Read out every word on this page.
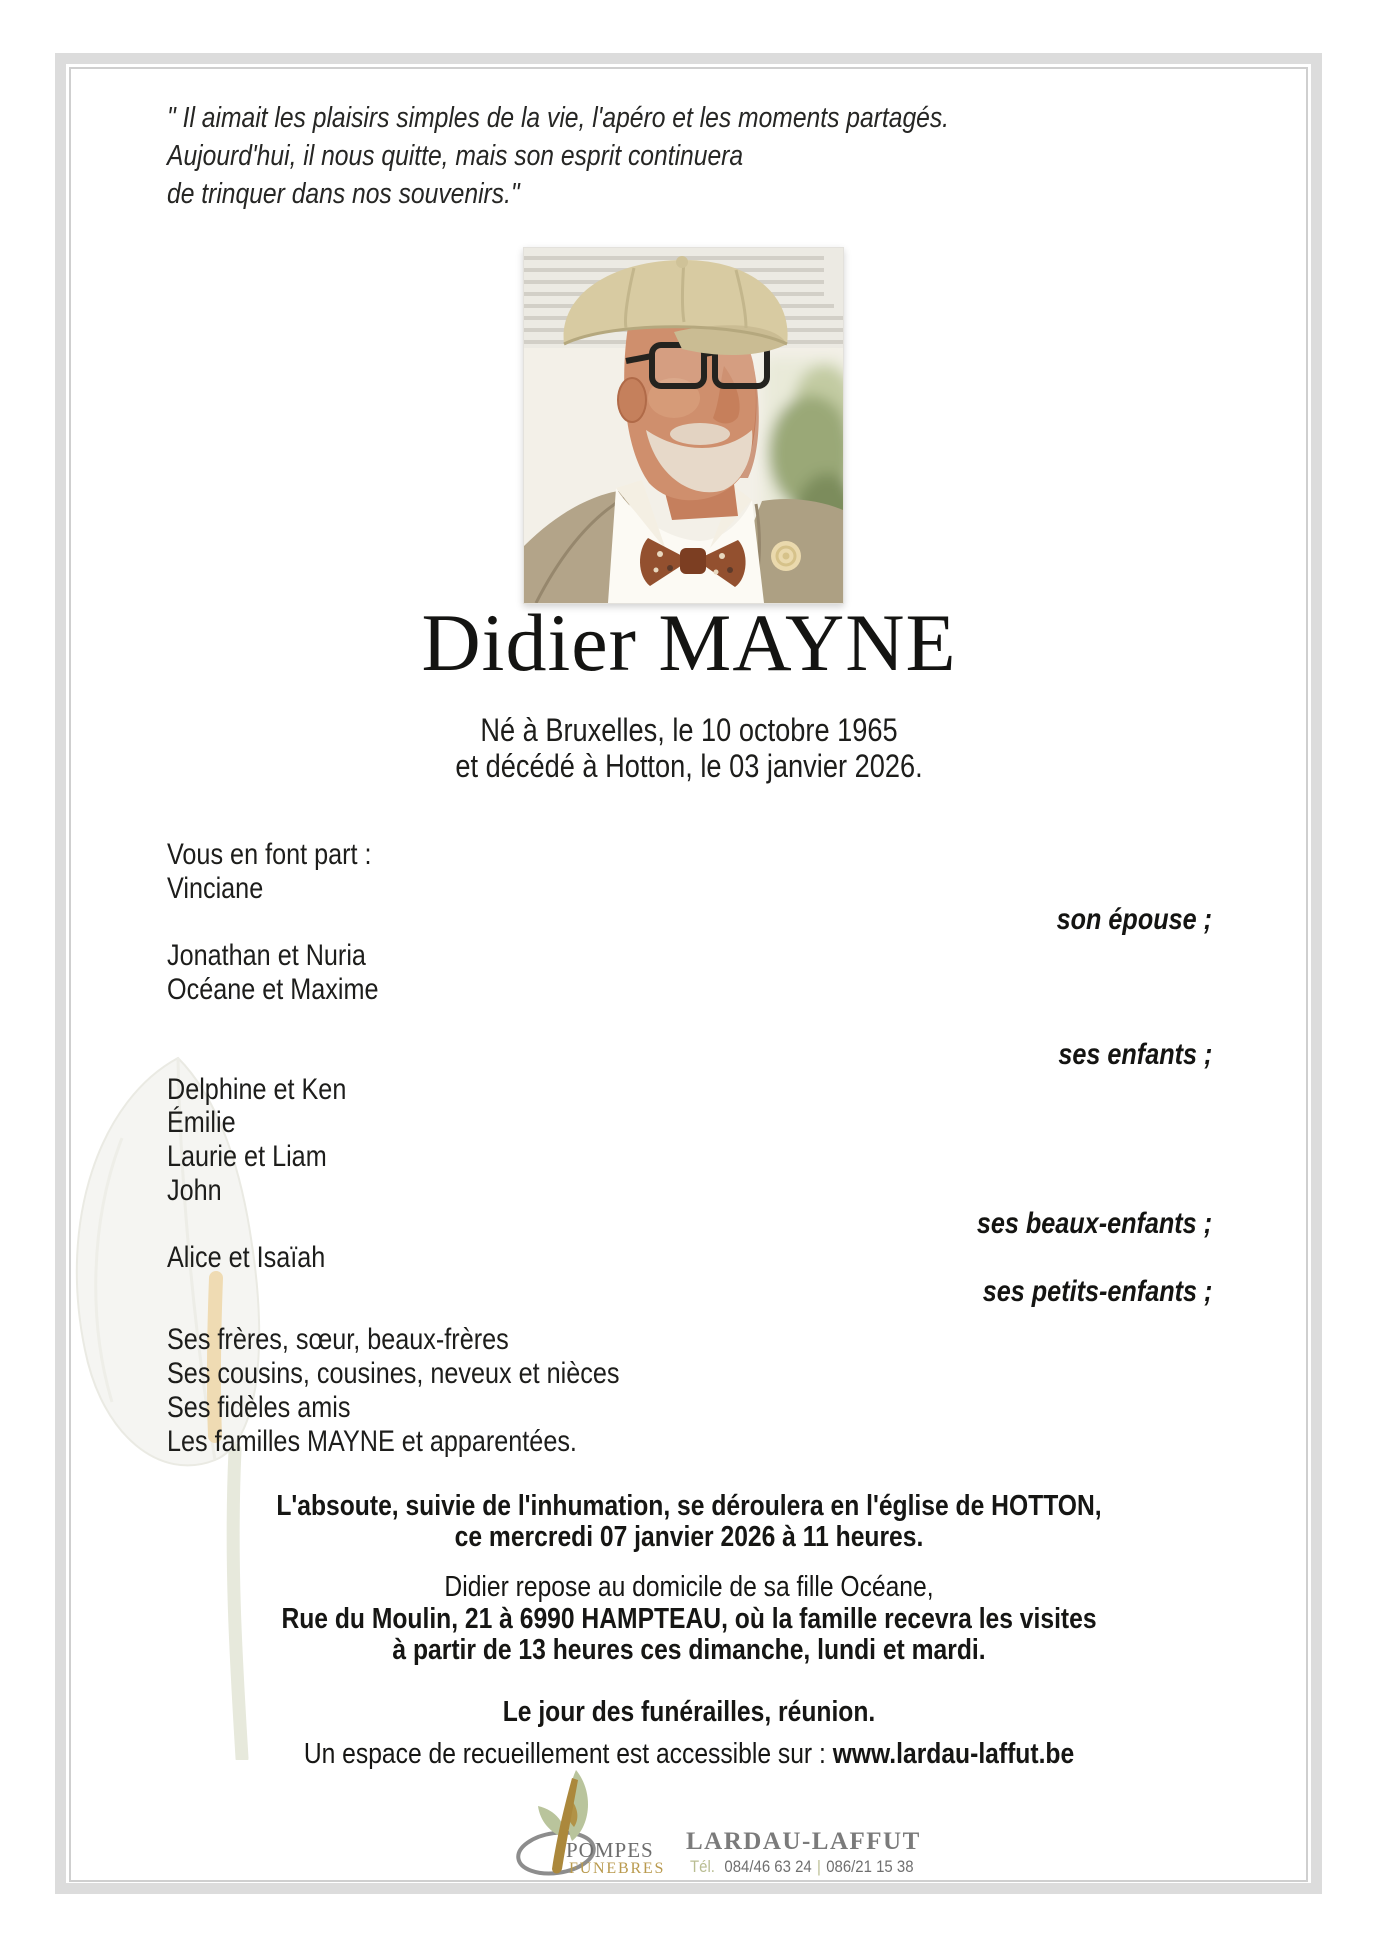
" Il aimait les plaisirs simples de la vie, l'apéro et les moments partagés.
Aujourd'hui, il nous quitte, mais son esprit continuera
de trinquer dans nos souvenirs."
Didier MAYNE
Né à Bruxelles, le 10 octobre 1965
et décédé à Hotton, le 03 janvier 2026.
Vous en font part :
Vinciane
son épouse ;
Jonathan et Nuria
Océane et Maxime
ses enfants ;
Delphine et Ken
Émilie
Laurie et Liam
John
ses beaux-enfants ;
Alice et Isaïah
ses petits-enfants ;
Ses frères, sœur, beaux-frères
Ses cousins, cousines, neveux et nièces
Ses fidèles amis
Les familles MAYNE et apparentées.
L'absoute, suivie de l'inhumation, se déroulera en l'église de HOTTON,
ce mercredi 07 janvier 2026 à 11 heures.
Didier repose au domicile de sa fille Océane,
Rue du Moulin, 21 à 6990 HAMPTEAU, où la famille recevra les visites
à partir de 13 heures ces dimanche, lundi et mardi.
Le jour des funérailles, réunion.
Un espace de recueillement est accessible sur : www.lardau-laffut.be
POMPES
FUNEBRES
LARDAU-LAFFUT
Tél. 084/46 63 24 | 086/21 15 38
